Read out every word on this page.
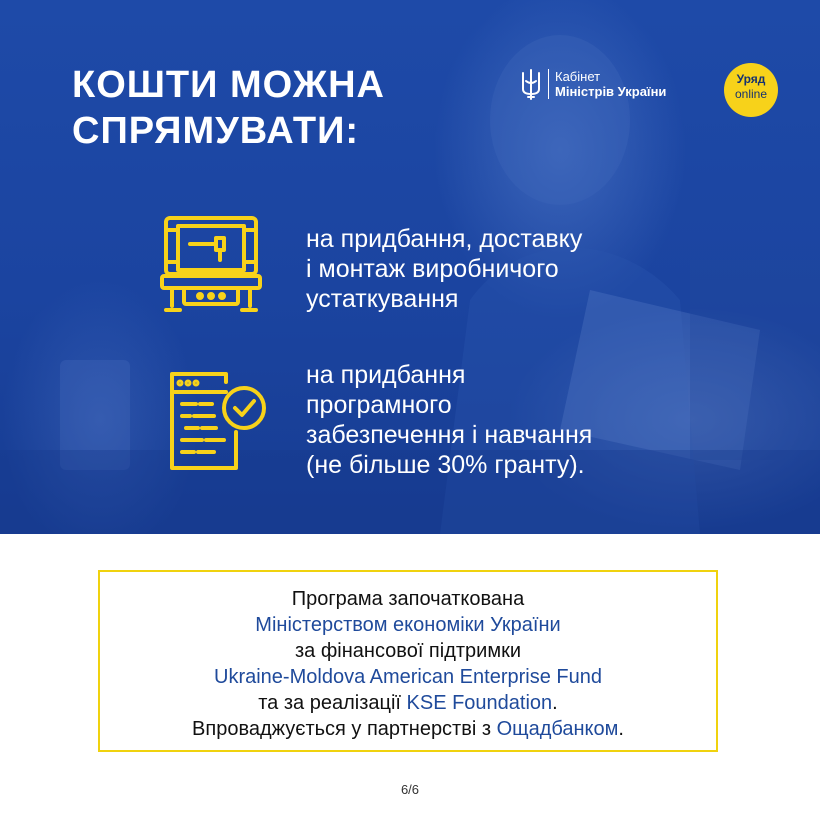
КОШТИ МОЖНА
СПРЯМУВАТИ:
Кабінет
Міністрів України
Уряд
online
на придбання, доставку
і монтаж виробничого
устаткування
на придбання
програмного
забезпечення і навчання
(не більше 30% гранту).
Програма започаткована
Міністерством економіки України
за фінансової підтримки
Ukraine-Moldova American Enterprise Fund
та за реалізації KSE Foundation.
Впроваджується у партнерстві з Ощадбанком.
6/6
